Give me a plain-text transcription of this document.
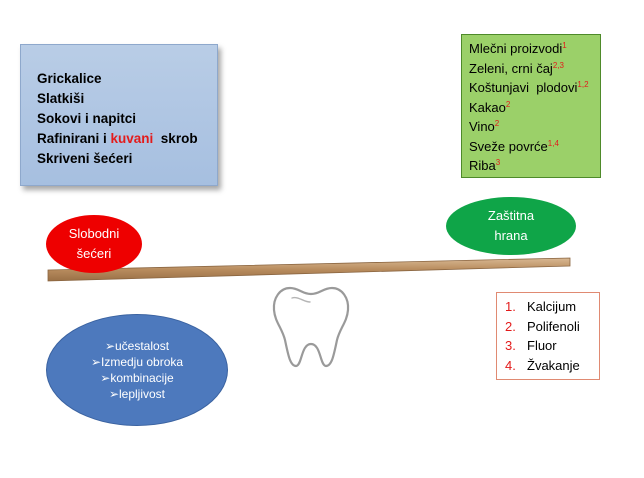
Grickalice
Slatkiši
Sokovi i napitci
Rafinirani i kuvani  skrob
Skriveni šećeri
Mlečni proizvodi$^1$
Zeleni, crni čaj$^{2,3}$
Koštunjavi  plodovi$^{1,2}$
Kakao$^2$
Vino$^2$
Sveže povrće$^{1,4}$
Riba$^3$
Slobodni
šećeri
Zaštitna
hrana
➢učestalost
➢Izmedju obroka
➢kombinacije
➢lepljivost
1. Kalcijum
2. Polifenoli
3. Fluor
4. Žvakanje
